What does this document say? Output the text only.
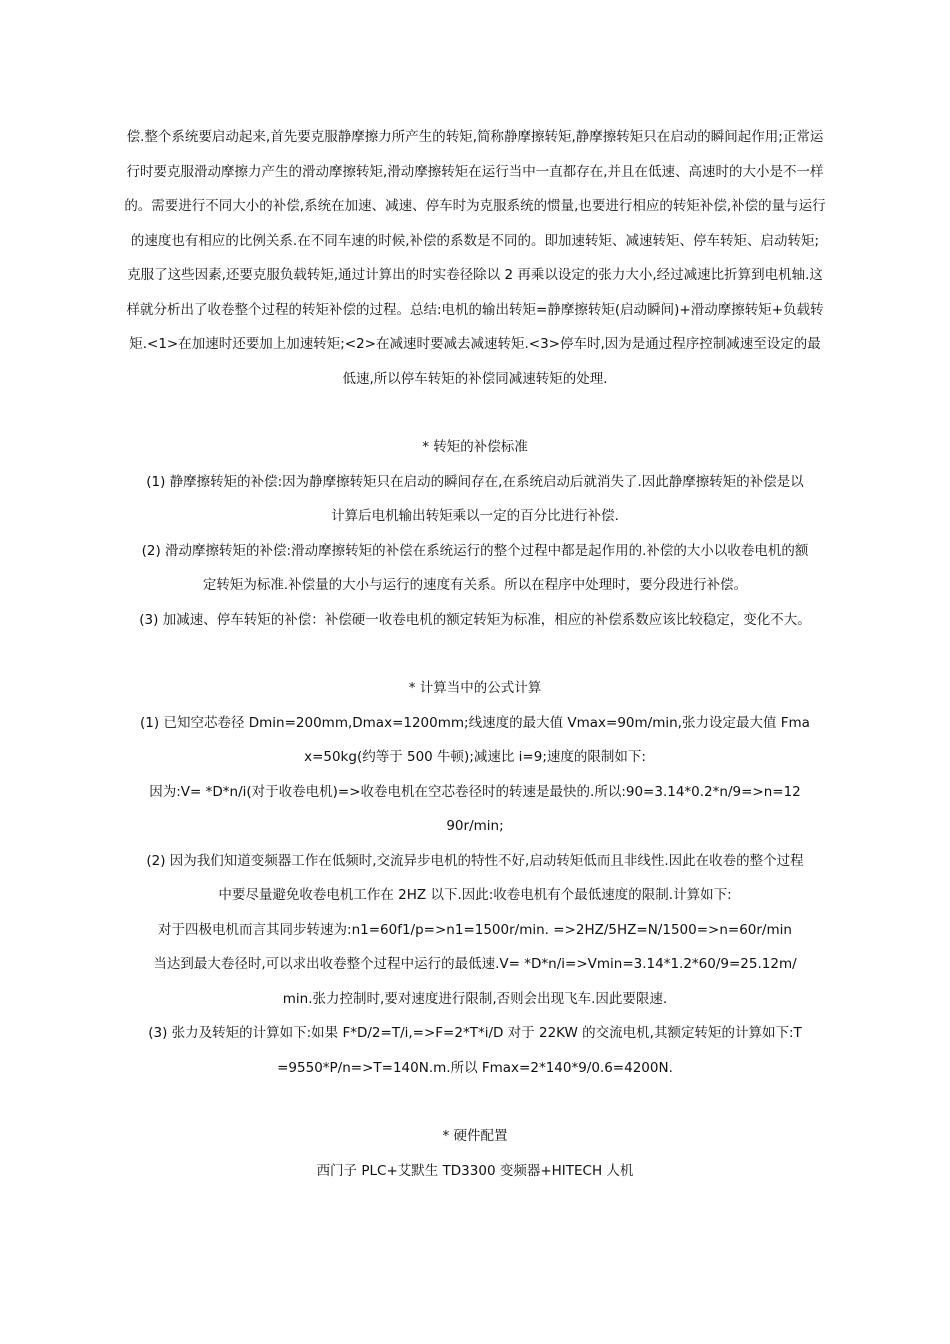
偿.整个系统要启动起来,首先要克服静摩擦力所产生的转矩,简称静摩擦转矩,静摩擦转矩只在启动的瞬间起作用;正常运
行时要克服滑动摩擦力产生的滑动摩擦转矩,滑动摩擦转矩在运行当中一直都存在,并且在低速、高速时的大小是不一样
的。需要进行不同大小的补偿,系统在加速、减速、停车时为克服系统的惯量,也要进行相应的转矩补偿,补偿的量与运行
的速度也有相应的比例关系.在不同车速的时候,补偿的系数是不同的。即加速转矩、减速转矩、停车转矩、启动转矩;
克服了这些因素,还要克服负载转矩,通过计算出的时实卷径除以 2 再乘以设定的张力大小,经过减速比折算到电机轴.这
样就分析出了收卷整个过程的转矩补偿的过程。总结:电机的输出转矩=静摩擦转矩(启动瞬间)+滑动摩擦转矩+负载转
矩.<1>在加速时还要加上加速转矩;<2>在减速时要减去减速转矩.<3>停车时,因为是通过程序控制减速至设定的最
低速,所以停车转矩的补偿同减速转矩的处理.

* 转矩的补偿标准

(1) 静摩擦转矩的补偿:因为静摩擦转矩只在启动的瞬间存在,在系统启动后就消失了.因此静摩擦转矩的补偿是以
计算后电机输出转矩乘以一定的百分比进行补偿.

(2) 滑动摩擦转矩的补偿:滑动摩擦转矩的补偿在系统运行的整个过程中都是起作用的.补偿的大小以收卷电机的额
定转矩为标准.补偿量的大小与运行的速度有关系。所以在程序中处理时，要分段进行补偿。

(3) 加减速、停车转矩的补偿：补偿硬一收卷电机的额定转矩为标准，相应的补偿系数应该比较稳定，变化不大。

* 计算当中的公式计算

(1) 已知空芯卷径 Dmin=200mm,Dmax=1200mm;线速度的最大值 Vmax=90m/min,张力设定最大值 Fma
x=50kg(约等于 500 牛顿);减速比 i=9;速度的限制如下:

因为:V= *D*n/i(对于收卷电机)=>收卷电机在空芯卷径时的转速是最快的.所以:90=3.14*0.2*n/9=>n=12
90r/min;

(2) 因为我们知道变频器工作在低频时,交流异步电机的特性不好,启动转矩低而且非线性.因此在收卷的整个过程
中要尽量避免收卷电机工作在 2HZ 以下.因此:收卷电机有个最低速度的限制.计算如下:

对于四极电机而言其同步转速为:n1=60f1/p=>n1=1500r/min. =>2HZ/5HZ=N/1500=>n=60r/min

当达到最大卷径时,可以求出收卷整个过程中运行的最低速.V= *D*n/i=>Vmin=3.14*1.2*60/9=25.12m/
min.张力控制时,要对速度进行限制,否则会出现飞车.因此要限速.

(3) 张力及转矩的计算如下:如果 F*D/2=T/i,=>F=2*T*i/D 对于 22KW 的交流电机,其额定转矩的计算如下:T
=9550*P/n=>T=140N.m.所以 Fmax=2*140*9/0.6=4200N.

* 硬件配置

西门子 PLC+艾默生 TD3300 变频器+HITECH 人机
